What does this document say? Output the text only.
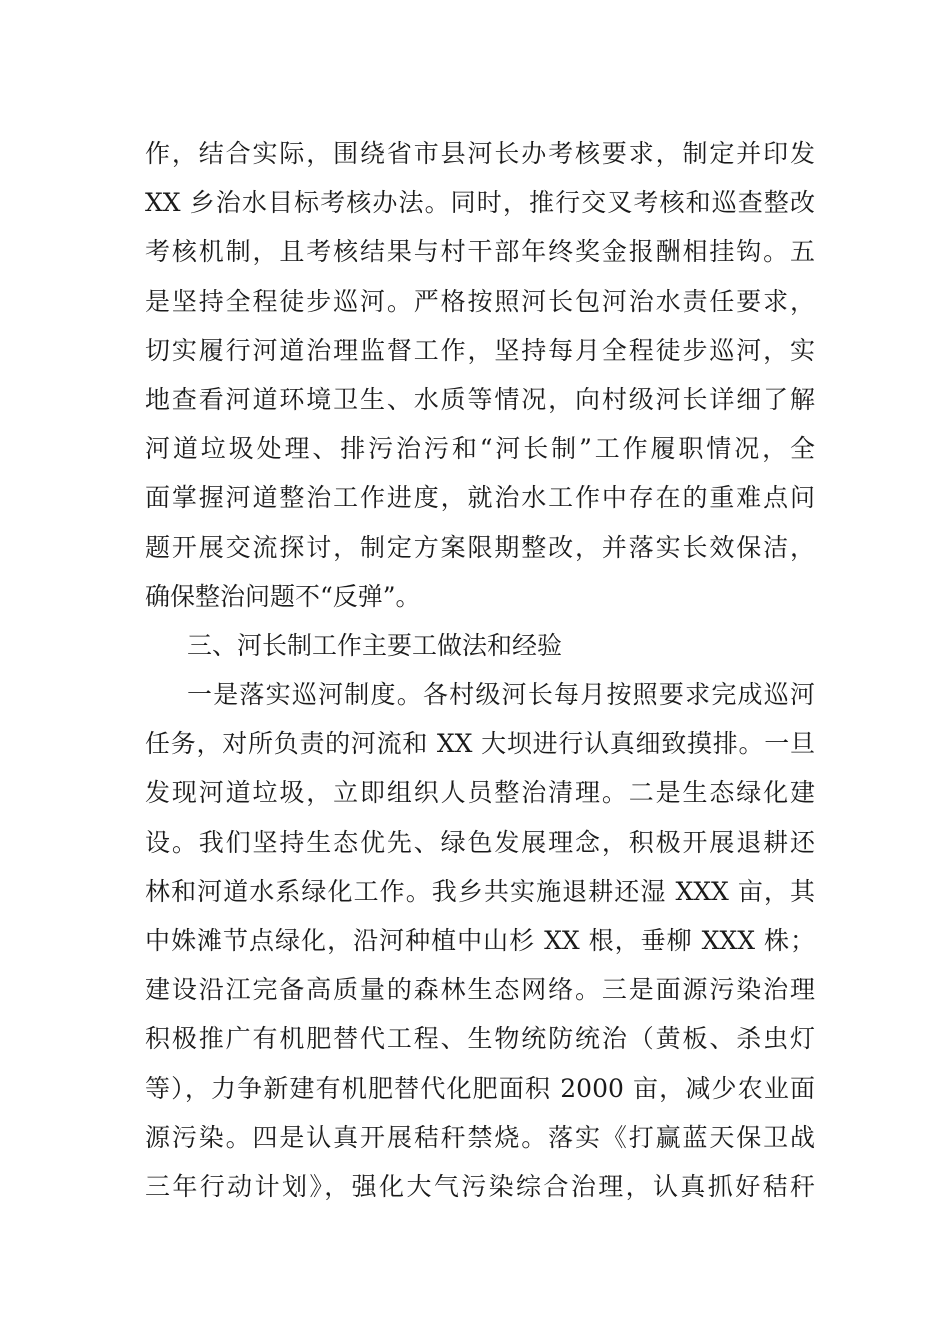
作，结合实际，围绕省市县河长办考核要求，制定并印发
XX 乡治水目标考核办法。同时，推行交叉考核和巡查整改
考核机制，且考核结果与村干部年终奖金报酬相挂钩。五
是坚持全程徒步巡河。严格按照河长包河治水责任要求，
切实履行河道治理监督工作，坚持每月全程徒步巡河，实
地查看河道环境卫生、水质等情况，向村级河长详细了解
河道垃圾处理、排污治污和“河长制”工作履职情况，全
面掌握河道整治工作进度，就治水工作中存在的重难点问
题开展交流探讨，制定方案限期整改，并落实长效保洁，
确保整治问题不“反弹”。
三、河长制工作主要工做法和经验
一是落实巡河制度。各村级河长每月按照要求完成巡河
任务，对所负责的河流和 XX 大坝进行认真细致摸排。一旦
发现河道垃圾，立即组织人员整治清理。二是生态绿化建
设。我们坚持生态优先、绿色发展理念，积极开展退耕还
林和河道水系绿化工作。我乡共实施退耕还湿 XXX 亩，其
中姝滩节点绿化，沿河种植中山杉 XX 根，垂柳 XXX 株；
建设沿江完备高质量的森林生态网络。三是面源污染治理
积极推广有机肥替代工程、生物统防统治（黄板、杀虫灯
等），力争新建有机肥替代化肥面积 2000 亩，减少农业面
源污染。四是认真开展秸秆禁烧。落实《打赢蓝天保卫战
三年行动计划》，强化大气污染综合治理，认真抓好秸秆
